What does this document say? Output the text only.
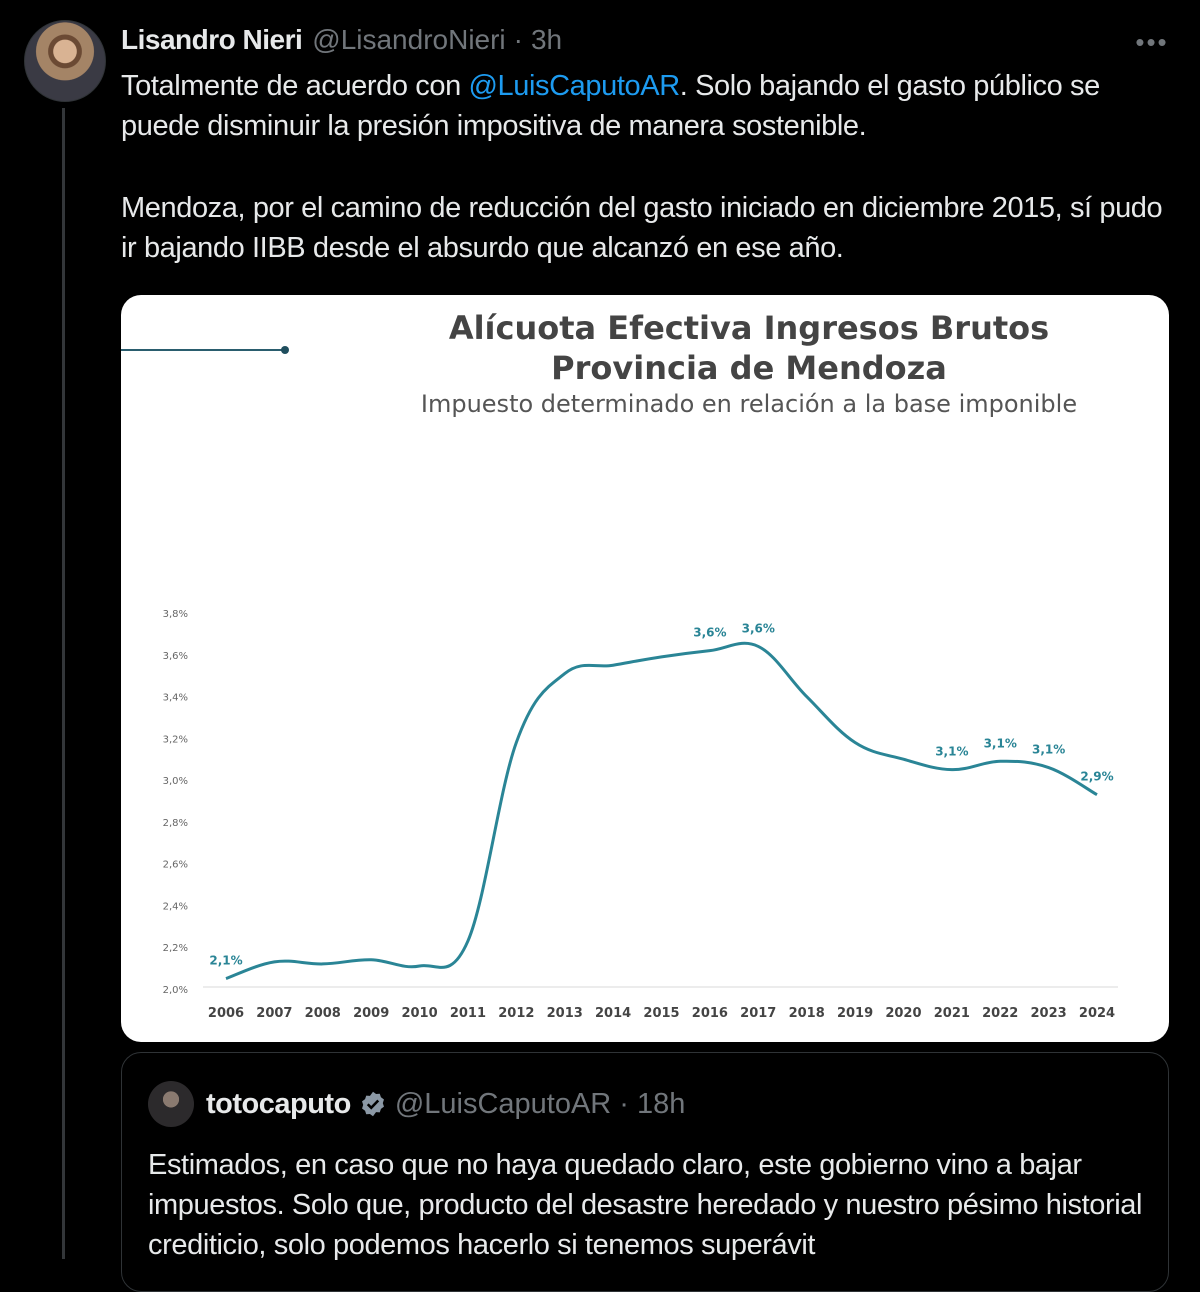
Lisandro Nieri @LisandroNieri · 3h	•••

Totalmente de acuerdo con @LuisCaputoAR. Solo bajando el gasto público se puede disminuir la presión impositiva de manera sostenible.

Mendoza, por el camino de reducción del gasto iniciado en diciembre 2015, sí pudo ir bajando IIBB desde el absurdo que alcanzó en ese año.

Alícuota Efectiva Ingresos Brutos
Provincia de Mendoza
Impuesto determinado en relación a la base imponible
2,0%
2,2%
2,4%
2,6%
2,8%
3,0%
3,2%
3,4%
3,6%
3,8%
2006 2007 2008 2009 2010 2011 2012 2013 2014 2015 2016 2017 2018 2019 2020 2021 2022 2023 2024
2,1%
3,6% 3,6%
3,1%
3,1% 3,1%
2,9%
totocaputo @LuisCaputoAR · 18h

Estimados, en caso que no haya quedado claro, este gobierno vino a bajar impuestos. Solo que, producto del desastre heredado y nuestro pésimo historial crediticio, solo podemos hacerlo si tenemos superávit
